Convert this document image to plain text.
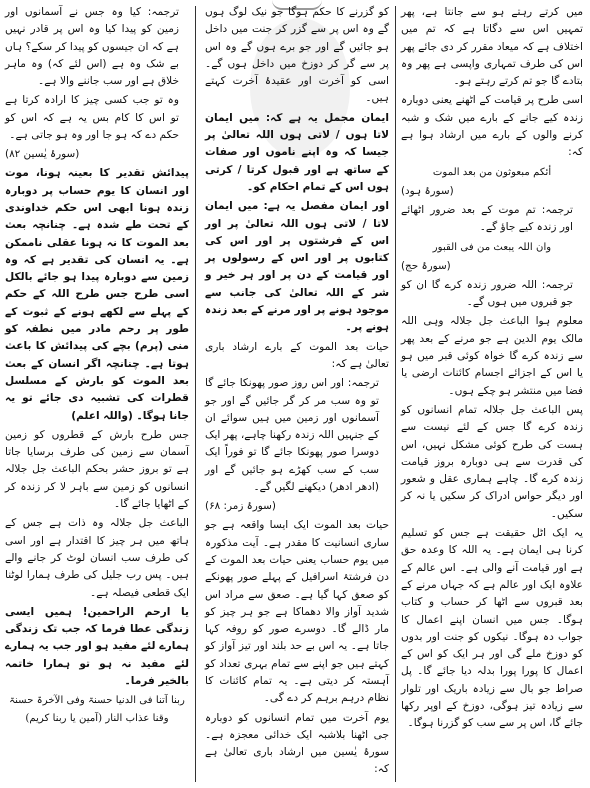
میں کرتے رہتے ہو سے جانتا ہے، پھر تمہیں اس سے دگاتا ہے کہ تم میں اختلاف ہے کہ میعاد مقرر کر دی جائے پھر اس کی طرف تمہاری واپسی ہے پھر وہ بتادے گا جو تم کرتے رہتے ہو۔

اسی طرح پر قیامت کے اٹھنے یعنی دوبارہ زندہ کیے جانے کے بارے میں شک و شبہ کرنے والوں کے بارے میں ارشاد ہوا ہے کہ:

أئکم مبعوثون من بعد الموت

(سورۂ ہود)

ترجمہ: تم موت کے بعد ضرور اٹھائے اور زندہ کیے جاؤ گے۔

وان اللہ یبعث من فی القبور

(سورۂ حج)

ترجمہ: اللہ ضرور زندہ کرے گا ان کو جو قبروں میں ہوں گے۔

معلوم ہوا الباعث جل جلالہ وہی اللہ مالک یوم الدین ہے جو مرنے کے بعد پھر سے زندہ کرے گا خواہ کوئی قبر میں ہو یا اس کے اجزائے اجسام کائنات ارضی یا فضا میں منتشر ہو چکے ہوں۔

پس الباعث جل جلالہ تمام انسانوں کو زندہ کرے گا جس کے لئے نیست سے ہست کی طرح کوئی مشکل نہیں، اس کی قدرت سے ہی دوبارہ بروز قیامت زندہ کرے گا۔ چاہے ہماری عقل و شعور اور دیگر حواس ادراک کر سکیں یا نہ کر سکیں۔

یہ ایک اٹل حقیقت ہے جس کو تسلیم کرنا ہی ایمان ہے۔ یہ اللہ کا وعدہ حق ہے اور قیامت آنے والی ہے۔ اس عالم کے علاوہ ایک اور عالم ہے کہ جہاں مرنے کے بعد قبروں سے اٹھا کر حساب و کتاب ہوگا۔ جس میں انسان اپنے اعمال کا جواب دہ ہوگا۔ نیکوں کو جنت اور بدوں کو دوزخ ملے گی اور ہر ایک کو اس کے اعمال کا پورا پورا بدلہ دیا جائے گا۔ پل صراط جو بال سے زیادہ باریک اور تلوار سے زیادہ تیز ہوگی، دوزخ کے اوپر رکھا جائے گا، اس پر سے سب کو گزرنا ہوگا۔

کو گزرنے کا حکم ہوگا جو نیک لوگ ہوں گے وہ اس پر سے گزر کر جنت میں داخل ہو جائیں گے اور جو برے ہوں گے وہ اس پر سے گر کر دوزخ میں داخل ہوں گے۔ اسی کو آخرت اور عقیدۂ آخرت کہتے ہیں۔

ایمان مجمل یہ ہے کہ: میں ایمان لاتا ہوں / لاتی ہوں اللہ تعالیٰ پر جیسا کہ وہ اپنے ناموں اور صفات کے ساتھ ہے اور قبول کرتا / کرتی ہوں اس کے تمام احکام کو۔

اور ایمان مفصل یہ ہے: میں ایمان لاتا / لاتی ہوں اللہ تعالیٰ پر اور اس کے فرشتوں پر اور اس کی کتابوں پر اور اس کے رسولوں پر اور قیامت کے دن پر اور ہر خیر و شر کے اللہ تعالیٰ کی جانب سے موجود ہونے پر اور مرنے کے بعد زندہ ہونے پر۔

حیات بعد الموت کے بارے ارشاد باری تعالیٰ ہے کہ:

ترجمہ: اور اس روز صور پھونکا جائے گا تو وہ سب مر کر گر جائیں گے اور جو آسمانوں اور زمین میں ہیں سوائے ان کے جنہیں اللہ زندہ رکھنا چاہے، پھر ایک دوسرا صور پھونکا جائے گا تو فوراً ایک سب کے سب کھڑے ہو جائیں گے اور (ادھر ادھر) دیکھنے لگیں گے۔

(سورۂ زمر: ۶۸)

حیات بعد الموت ایک ایسا واقعہ ہے جو ساری انسانیت کا مقدر ہے۔ آیت مذکورہ میں یوم حساب یعنی حیات بعد الموت کے دن فرشتۂ اسرافیل کے پہلے صور پھونکے کو صعق کہا گیا ہے۔ صعق سے مراد اس شدید آواز والا دھماکا ہے جو ہر چیز کو مار ڈالے گا۔ دوسرے صور کو روفہ کہا جاتا ہے۔ یہ اس بے حد بلند اور تیز آواز کو کہتے ہیں جو اپنے سے تمام بہری تعداد کو آہستہ کر دیتی ہے۔ یہ تمام کائنات کا نظام درہم برہم کر دے گی۔

یوم آخرت میں تمام انسانوں کو دوبارہ جی اٹھنا بلاشبہ ایک خدائی معجزہ ہے۔ سورۂ یٰسین میں ارشاد باری تعالیٰ ہے کہ:

ترجمہ: کیا وہ جس نے آسمانوں اور زمین کو پیدا کیا وہ اس پر قادر نہیں ہے کہ ان جیسوں کو پیدا کر سکے؟ ہاں بے شک وہ ہے (اس لئے کہ) وہ ماہر خلاق ہے اور سب جاننے والا ہے۔

وہ تو جب کسی چیز کا ارادہ کرتا ہے تو اس کا کام بس یہ ہے کہ اس کو حکم دے کہ ہو جا اور وہ ہو جاتی ہے۔

(سورۂ یٰسین ۸۲)

پیدائش تقدیر کا بعینہ ہونا، موت اور انسان کا یوم حساب پر دوبارہ زندہ ہونا ابھی اس حکم خداوندی کے تحت طے شدہ ہے۔ چنانچہ بعث بعد الموت کا نہ ہونا عقلی ناممکن ہے۔ یہ انسان کی تقدیر ہے کہ وہ زمین سے دوبارہ پیدا ہو جائے بالکل اسی طرح جس طرح اللہ کے حکم کے پہلے سے لکھے ہونے کے ثبوت کے طور پر رحم مادر میں نطفہ کو منی (پرم) بچے کی پیدائش کا باعث ہوتا ہے۔ چنانچہ اگر انسان کے بعث بعد الموت کو بارش کے مسلسل قطرات کی تشبیہ دی جائے تو یہ جانا ہوگا۔ (واللہ اعلم)

جس طرح بارش کے قطروں کو زمین آسمان سے زمین کی طرف برسایا جاتا ہے تو بروز حشر بحکم الباعث جل جلالہ انسانوں کو زمین سے باہر لا کر زندہ کر کے اٹھایا جائے گا۔

الباعث جل جلالہ وہ ذات ہے جس کے ہاتھ میں ہر چیز کا اقتدار ہے اور اسی کی طرف سب انسان لوٹ کر جانے والے ہیں۔ پس رب جلیل کی طرف ہمارا لوٹنا ایک قطعی فیصلہ ہے۔

یا ارحم الراحمین! ہمیں ایسی زندگی عطا فرما کہ جب تک زندگی ہمارے لئے مفید ہو اور جب یہ ہمارے لئے مفید نہ ہو تو ہمارا خاتمہ بالخیر فرما۔

ربنا آتنا فی الدنیا حسنۃ وفی الآخرۃ حسنۃ وقنا عذاب النار (آمین یا ربنا کریم)
